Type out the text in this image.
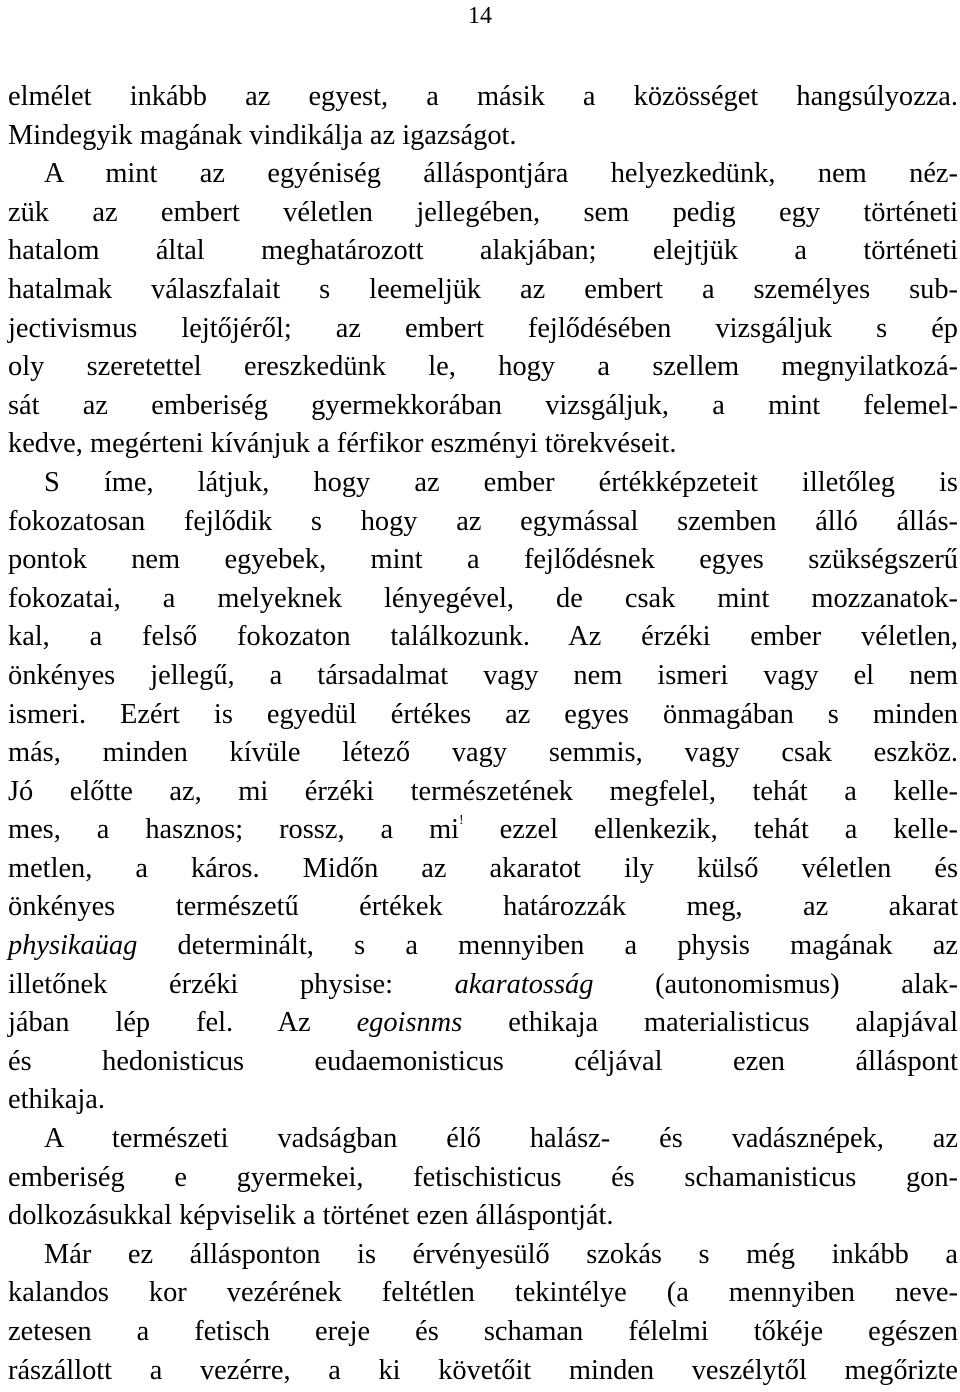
14
elmélet inkább az egyest, a másik a közösséget hangsúlyozza.
Mindegyik magának vindikálja az igazságot.
A mint az egyéniség álláspontjára helyezkedünk, nem néz-
zük az embert véletlen jellegében, sem pedig egy történeti
hatalom által meghatározott alakjában; elejtjük a történeti
hatalmak válaszfalait s leemeljük az embert a személyes sub-
jectivismus lejtőjéről; az embert fejlődésében vizsgáljuk s ép
oly szeretettel ereszkedünk le, hogy a szellem megnyilatkozá-
sát az emberiség gyermekkorában vizsgáljuk, a mint felemel-
kedve, megérteni kívánjuk a férfikor eszményi törekvéseit.
S íme, látjuk, hogy az ember értékképzeteit illetőleg is
fokozatosan fejlődik s hogy az egymással szemben álló állás-
pontok nem egyebek, mint a fejlődésnek egyes szükségszerű
fokozatai, a melyeknek lényegével, de csak mint mozzanatok-
kal, a felső fokozaton találkozunk. Az érzéki ember véletlen,
önkényes jellegű, a társadalmat vagy nem ismeri vagy el nem
ismeri. Ezért is egyedül értékes az egyes önmagában s minden
más, minden kívüle létező vagy semmis, vagy csak eszköz.
Jó előtte az, mi érzéki természetének megfelel, tehát a kelle-
mes, a hasznos; rossz, a mi! ezzel ellenkezik, tehát a kelle-
metlen, a káros. Midőn az akaratot ily külső véletlen és
önkényes természetű értékek határozzák meg, az akarat
physikaüag determinált, s a mennyiben a physis magának az
illetőnek érzéki physise: akaratosság (autonomismus) alak-
jában lép fel. Az egoisnms ethikaja materialisticus alapjával
és hedonisticus eudaemonisticus céljával ezen álláspont
ethikaja.
A természeti vadságban élő halász- és vadásznépek, az
emberiség e gyermekei, fetischisticus és schamanisticus gon-
dolkozásukkal képviselik a történet ezen álláspontját.
Már ez állásponton is érvényesülő szokás s még inkább a
kalandos kor vezérének feltétlen tekintélye (a mennyiben neve-
zetesen a fetisch ereje és schaman félelmi tőkéje egészen
rászállott a vezérre, a ki követőit minden veszélytől megőrizte
